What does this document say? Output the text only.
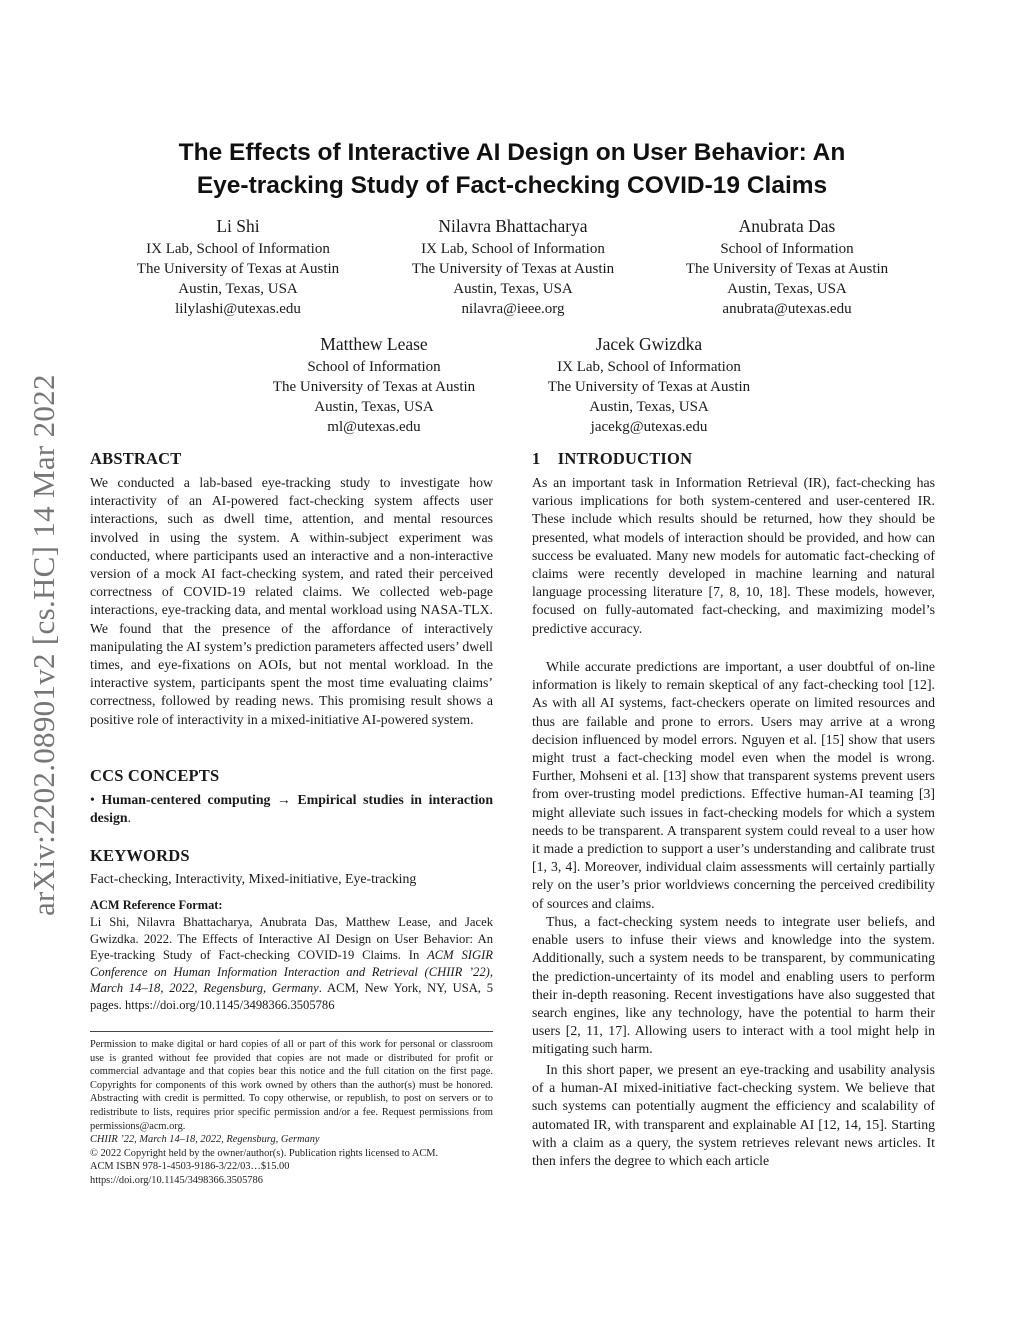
arXiv:2202.08901v2 [cs.HC] 14 Mar 2022
The Effects of Interactive AI Design on User Behavior: An
Eye-tracking Study of Fact-checking COVID-19 Claims
Li Shi
IX Lab, School of Information
The University of Texas at Austin
Austin, Texas, USA
lilylashi@utexas.edu
Nilavra Bhattacharya
IX Lab, School of Information
The University of Texas at Austin
Austin, Texas, USA
nilavra@ieee.org
Anubrata Das
School of Information
The University of Texas at Austin
Austin, Texas, USA
anubrata@utexas.edu
Matthew Lease
School of Information
The University of Texas at Austin
Austin, Texas, USA
ml@utexas.edu
Jacek Gwizdka
IX Lab, School of Information
The University of Texas at Austin
Austin, Texas, USA
jacekg@utexas.edu
ABSTRACT

We conducted a lab-based eye-tracking study to investigate how interactivity of an AI-powered fact-checking system affects user interactions, such as dwell time, attention, and mental resources involved in using the system. A within-subject experiment was conducted, where participants used an interactive and a non-interactive version of a mock AI fact-checking system, and rated their perceived correctness of COVID-19 related claims. We collected web-page interactions, eye-tracking data, and mental workload using NASA-TLX. We found that the presence of the affordance of interactively manipulating the AI system’s prediction parameters affected users’ dwell times, and eye-fixations on AOIs, but not mental workload. In the interactive system, participants spent the most time evaluating claims’ correctness, followed by reading news. This promising result shows a positive role of interactivity in a mixed-initiative AI-powered system.

CCS CONCEPTS

• Human-centered computing → Empirical studies in interaction design.

KEYWORDS

Fact-checking, Interactivity, Mixed-initiative, Eye-tracking

ACM Reference Format:

Li Shi, Nilavra Bhattacharya, Anubrata Das, Matthew Lease, and Jacek Gwizdka. 2022. The Effects of Interactive AI Design on User Behavior: An Eye-tracking Study of Fact-checking COVID-19 Claims. In ACM SIGIR Conference on Human Information Interaction and Retrieval (CHIIR ’22), March 14–18, 2022, Regensburg, Germany. ACM, New York, NY, USA, 5 pages. https://doi.org/10.1145/3498366.3505786

Permission to make digital or hard copies of all or part of this work for personal or classroom use is granted without fee provided that copies are not made or distributed for profit or commercial advantage and that copies bear this notice and the full citation on the first page. Copyrights for components of this work owned by others than the author(s) must be honored. Abstracting with credit is permitted. To copy otherwise, or republish, to post on servers or to redistribute to lists, requires prior specific permission and/or a fee. Request permissions from permissions@acm.org.

CHIIR ’22, March 14–18, 2022, Regensburg, Germany

© 2022 Copyright held by the owner/author(s). Publication rights licensed to ACM.

ACM ISBN 978-1-4503-9186-3/22/03…$15.00

https://doi.org/10.1145/3498366.3505786

1 INTRODUCTION

As an important task in Information Retrieval (IR), fact-checking has various implications for both system-centered and user-centered IR. These include which results should be returned, how they should be presented, what models of interaction should be provided, and how can success be evaluated. Many new models for automatic fact-checking of claims were recently developed in machine learning and natural language processing literature [7, 8, 10, 18]. These models, however, focused on fully-automated fact-checking, and maximizing model’s predictive accuracy.

While accurate predictions are important, a user doubtful of on-line information is likely to remain skeptical of any fact-checking tool [12]. As with all AI systems, fact-checkers operate on limited resources and thus are failable and prone to errors. Users may arrive at a wrong decision influenced by model errors. Nguyen et al. [15] show that users might trust a fact-checking model even when the model is wrong. Further, Mohseni et al. [13] show that transparent systems prevent users from over-trusting model predictions. Effective human-AI teaming [3] might alleviate such issues in fact-checking models for which a system needs to be transparent. A transparent system could reveal to a user how it made a prediction to support a user’s understanding and calibrate trust [1, 3, 4]. Moreover, individual claim assessments will certainly partially rely on the user’s prior worldviews concerning the perceived credibility of sources and claims.

Thus, a fact-checking system needs to integrate user beliefs, and enable users to infuse their views and knowledge into the system. Additionally, such a system needs to be transparent, by communicating the prediction-uncertainty of its model and enabling users to perform their in-depth reasoning. Recent investigations have also suggested that search engines, like any technology, have the potential to harm their users [2, 11, 17]. Allowing users to interact with a tool might help in mitigating such harm.

In this short paper, we present an eye-tracking and usability analysis of a human-AI mixed-initiative fact-checking system. We believe that such systems can potentially augment the efficiency and scalability of automated IR, with transparent and explainable AI [12, 14, 15]. Starting with a claim as a query, the system retrieves relevant news articles. It then infers the degree to which each article
